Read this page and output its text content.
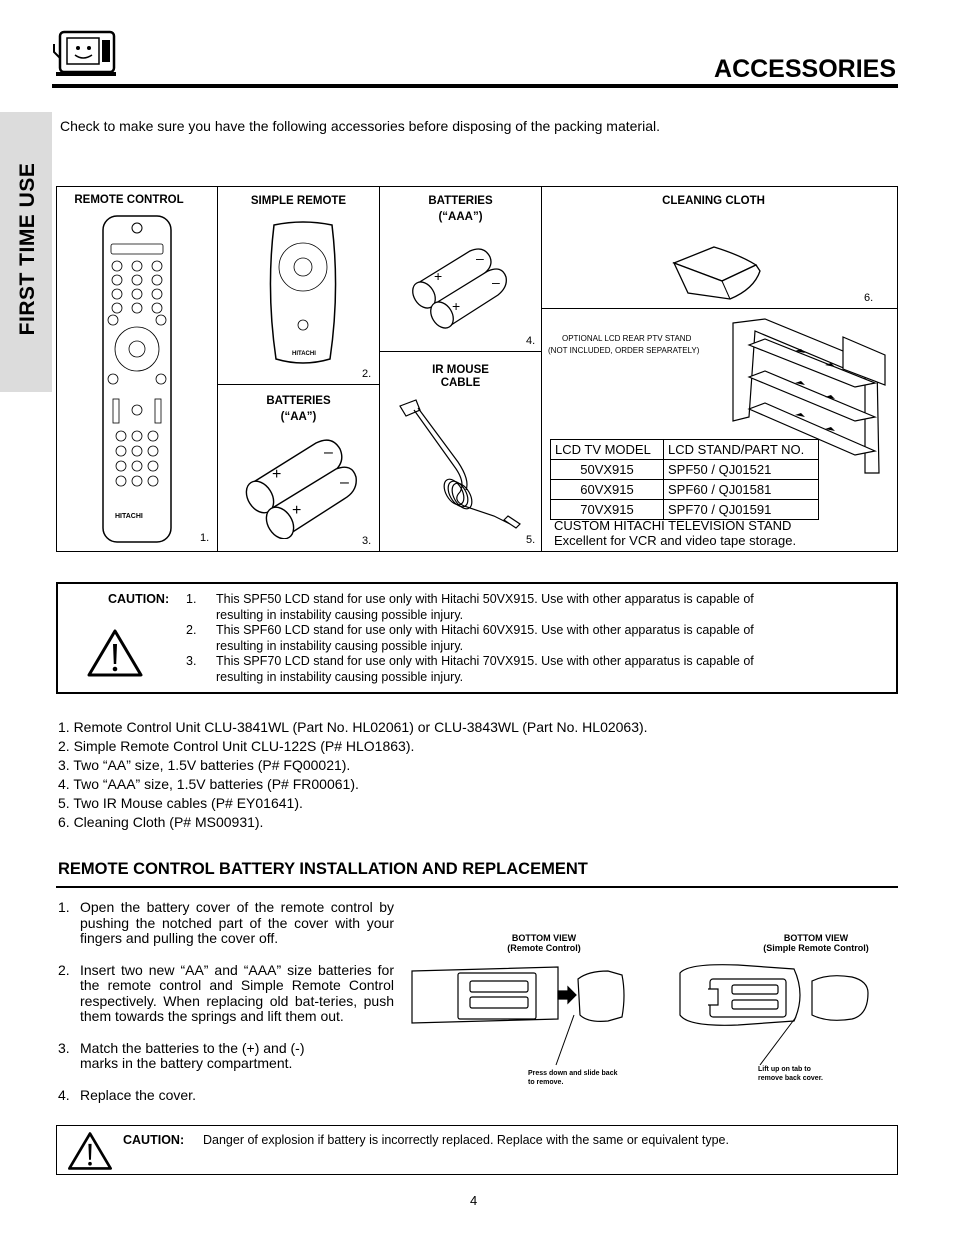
ACCESSORIES
FIRST TIME USE
Check to make sure you have the following accessories before disposing of the packing material.
REMOTE CONTROL
HITACHI
1.
SIMPLE REMOTE
HITACHI
2.
BATTERIES
(“AA”)
+
+
–
–
3.
BATTERIES
(“AAA”)
+
+
–
–
4.
IR MOUSE
CABLE
5.
CLEANING CLOTH
6.
OPTIONAL LCD REAR PTV STAND
(NOT INCLUDED, ORDER SEPARATELY)
LCD TV MODEL	LCD STAND/PART NO.
50VX915	SPF50 / QJ01521
60VX915	SPF60 / QJ01581
70VX915	SPF70 / QJ01591
CUSTOM HITACHI TELEVISION STAND
Excellent for VCR and video tape storage.
CAUTION: 1.	This SPF50 LCD stand for use only with Hitachi 50VX915. Use with other apparatus is capable of
resulting in instability causing possible injury.
2.	This SPF60 LCD stand for use only with Hitachi 60VX915. Use with other apparatus is capable of
resulting in instability causing possible injury.
3.	This SPF70 LCD stand for use only with Hitachi 70VX915. Use with other apparatus is capable of
resulting in instability causing possible injury.
1. Remote Control Unit CLU-3841WL (Part No. HL02061) or CLU-3843WL (Part No. HL02063).
2. Simple Remote Control Unit CLU-122S (P# HLO1863).
3. Two “AA” size, 1.5V batteries (P# FQ00021).
4. Two “AAA” size, 1.5V batteries (P# FR00061).
5. Two IR Mouse cables (P# EY01641).
6. Cleaning Cloth (P# MS00931).
REMOTE CONTROL BATTERY INSTALLATION AND REPLACEMENT
1. Open the battery cover of the remote control by pushing the notched part of the cover with your fingers and pulling the cover off.
2. Insert two new “AA” and “AAA” size batteries for the remote control and Simple Remote Control respectively. When replacing old bat-teries, push them towards the springs and lift them out.
3. Match the batteries to the (+) and (-) marks in the battery compartment.
4. Replace the cover.
BOTTOM VIEW
(Remote Control)
BOTTOM VIEW
(Simple Remote Control)
Press down and slide back
to remove.
Lift up on tab to
remove back cover.
CAUTION: Danger of explosion if battery is incorrectly replaced. Replace with the same or equivalent type.
4
